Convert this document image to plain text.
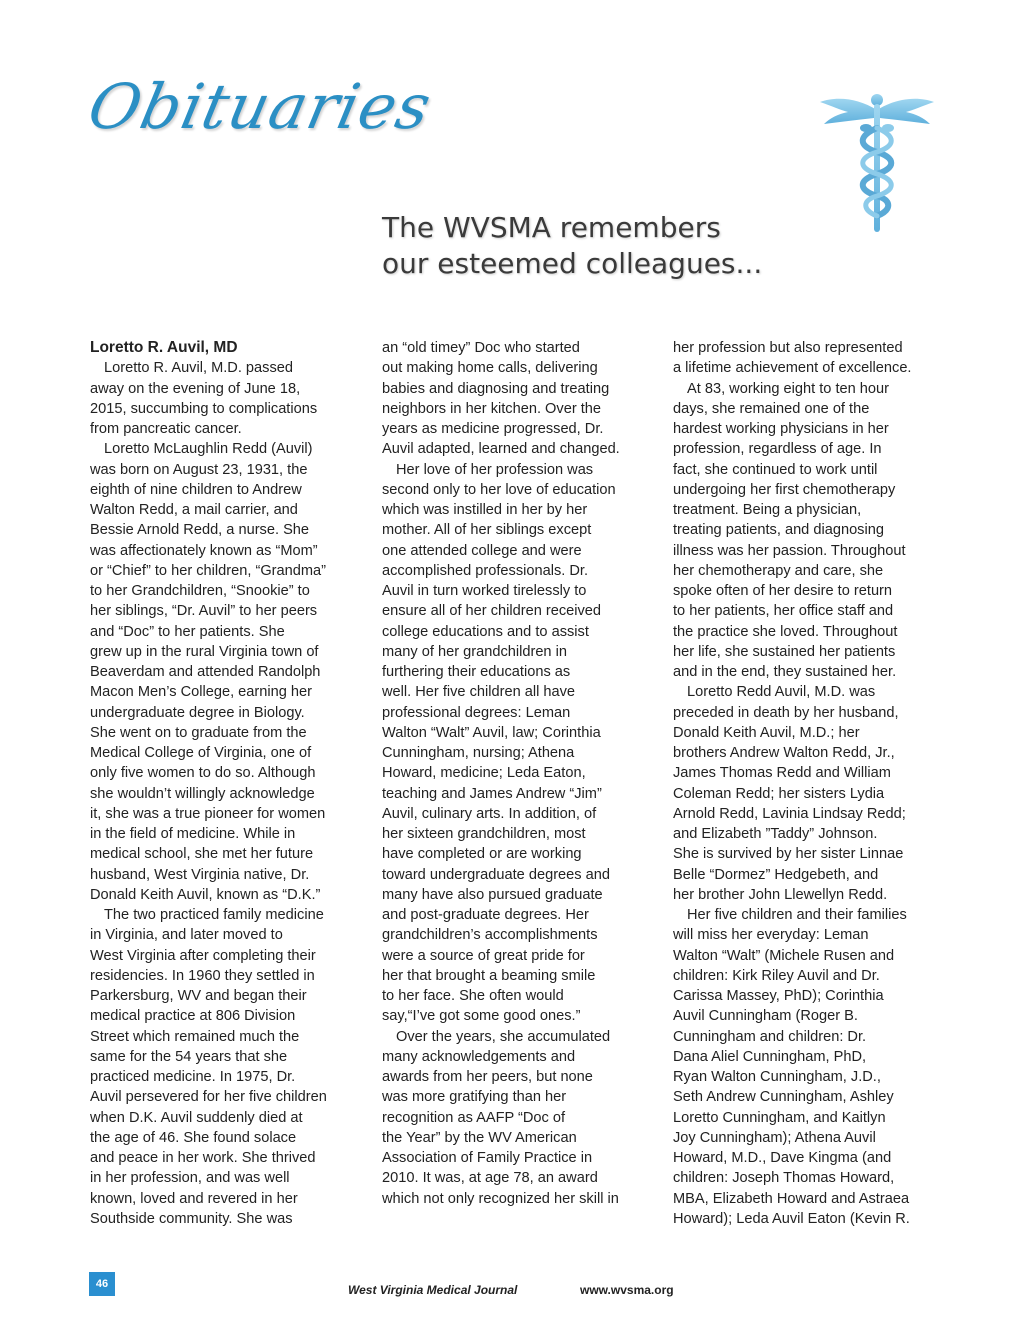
Obituaries
The WVSMA remembers
our esteemed colleagues...
Loretto R. Auvil, MD
Loretto R. Auvil, M.D. passed
away on the evening of June 18,
2015, succumbing to complications
from pancreatic cancer.
Loretto McLaughlin Redd (Auvil)
was born on August 23, 1931, the
eighth of nine children to Andrew
Walton Redd, a mail carrier, and
Bessie Arnold Redd, a nurse. She
was affectionately known as “Mom”
or “Chief” to her children, “Grandma”
to her Grandchildren, “Snookie” to
her siblings, “Dr. Auvil” to her peers
and “Doc” to her patients. She
grew up in the rural Virginia town of
Beaverdam and attended Randolph
Macon Men’s College, earning her
undergraduate degree in Biology.
She went on to graduate from the
Medical College of Virginia, one of
only five women to do so. Although
she wouldn’t willingly acknowledge
it, she was a true pioneer for women
in the field of medicine. While in
medical school, she met her future
husband, West Virginia native, Dr.
Donald Keith Auvil, known as “D.K.”
The two practiced family medicine
in Virginia, and later moved to
West Virginia after completing their
residencies. In 1960 they settled in
Parkersburg, WV and began their
medical practice at 806 Division
Street which remained much the
same for the 54 years that she
practiced medicine. In 1975, Dr.
Auvil persevered for her five children
when D.K. Auvil suddenly died at
the age of 46. She found solace
and peace in her work. She thrived
in her profession, and was well
known, loved and revered in her
Southside community. She was
an “old timey” Doc who started
out making home calls, delivering
babies and diagnosing and treating
neighbors in her kitchen. Over the
years as medicine progressed, Dr.
Auvil adapted, learned and changed.
Her love of her profession was
second only to her love of education
which was instilled in her by her
mother. All of her siblings except
one attended college and were
accomplished professionals. Dr.
Auvil in turn worked tirelessly to
ensure all of her children received
college educations and to assist
many of her grandchildren in
furthering their educations as
well. Her five children all have
professional degrees: Leman
Walton “Walt” Auvil, law; Corinthia
Cunningham, nursing; Athena
Howard, medicine; Leda Eaton,
teaching and James Andrew “Jim”
Auvil, culinary arts. In addition, of
her sixteen grandchildren, most
have completed or are working
toward undergraduate degrees and
many have also pursued graduate
and post-graduate degrees. Her
grandchildren’s accomplishments
were a source of great pride for
her that brought a beaming smile
to her face. She often would
say,“I’ve got some good ones.”
Over the years, she accumulated
many acknowledgements and
awards from her peers, but none
was more gratifying than her
recognition as AAFP “Doc of
the Year” by the WV American
Association of Family Practice in
2010. It was, at age 78, an award
which not only recognized her skill in
her profession but also represented
a lifetime achievement of excellence.
At 83, working eight to ten hour
days, she remained one of the
hardest working physicians in her
profession, regardless of age. In
fact, she continued to work until
undergoing her first chemotherapy
treatment. Being a physician,
treating patients, and diagnosing
illness was her passion. Throughout
her chemotherapy and care, she
spoke often of her desire to return
to her patients, her office staff and
the practice she loved. Throughout
her life, she sustained her patients
and in the end, they sustained her.
Loretto Redd Auvil, M.D. was
preceded in death by her husband,
Donald Keith Auvil, M.D.; her
brothers Andrew Walton Redd, Jr.,
James Thomas Redd and William
Coleman Redd; her sisters Lydia
Arnold Redd, Lavinia Lindsay Redd;
and Elizabeth ”Taddy” Johnson.
She is survived by her sister Linnae
Belle “Dormez” Hedgebeth, and
her brother John Llewellyn Redd.
Her five children and their families
will miss her everyday: Leman
Walton “Walt” (Michele Rusen and
children: Kirk Riley Auvil and Dr.
Carissa Massey, PhD); Corinthia
Auvil Cunningham (Roger B.
Cunningham and children: Dr.
Dana Aliel Cunningham, PhD,
Ryan Walton Cunningham, J.D.,
Seth Andrew Cunningham, Ashley
Loretto Cunningham, and Kaitlyn
Joy Cunningham); Athena Auvil
Howard, M.D., Dave Kingma (and
children: Joseph Thomas Howard,
MBA, Elizabeth Howard and Astraea
Howard); Leda Auvil Eaton (Kevin R.
46	West Virginia Medical Journal	www.wvsma.org
